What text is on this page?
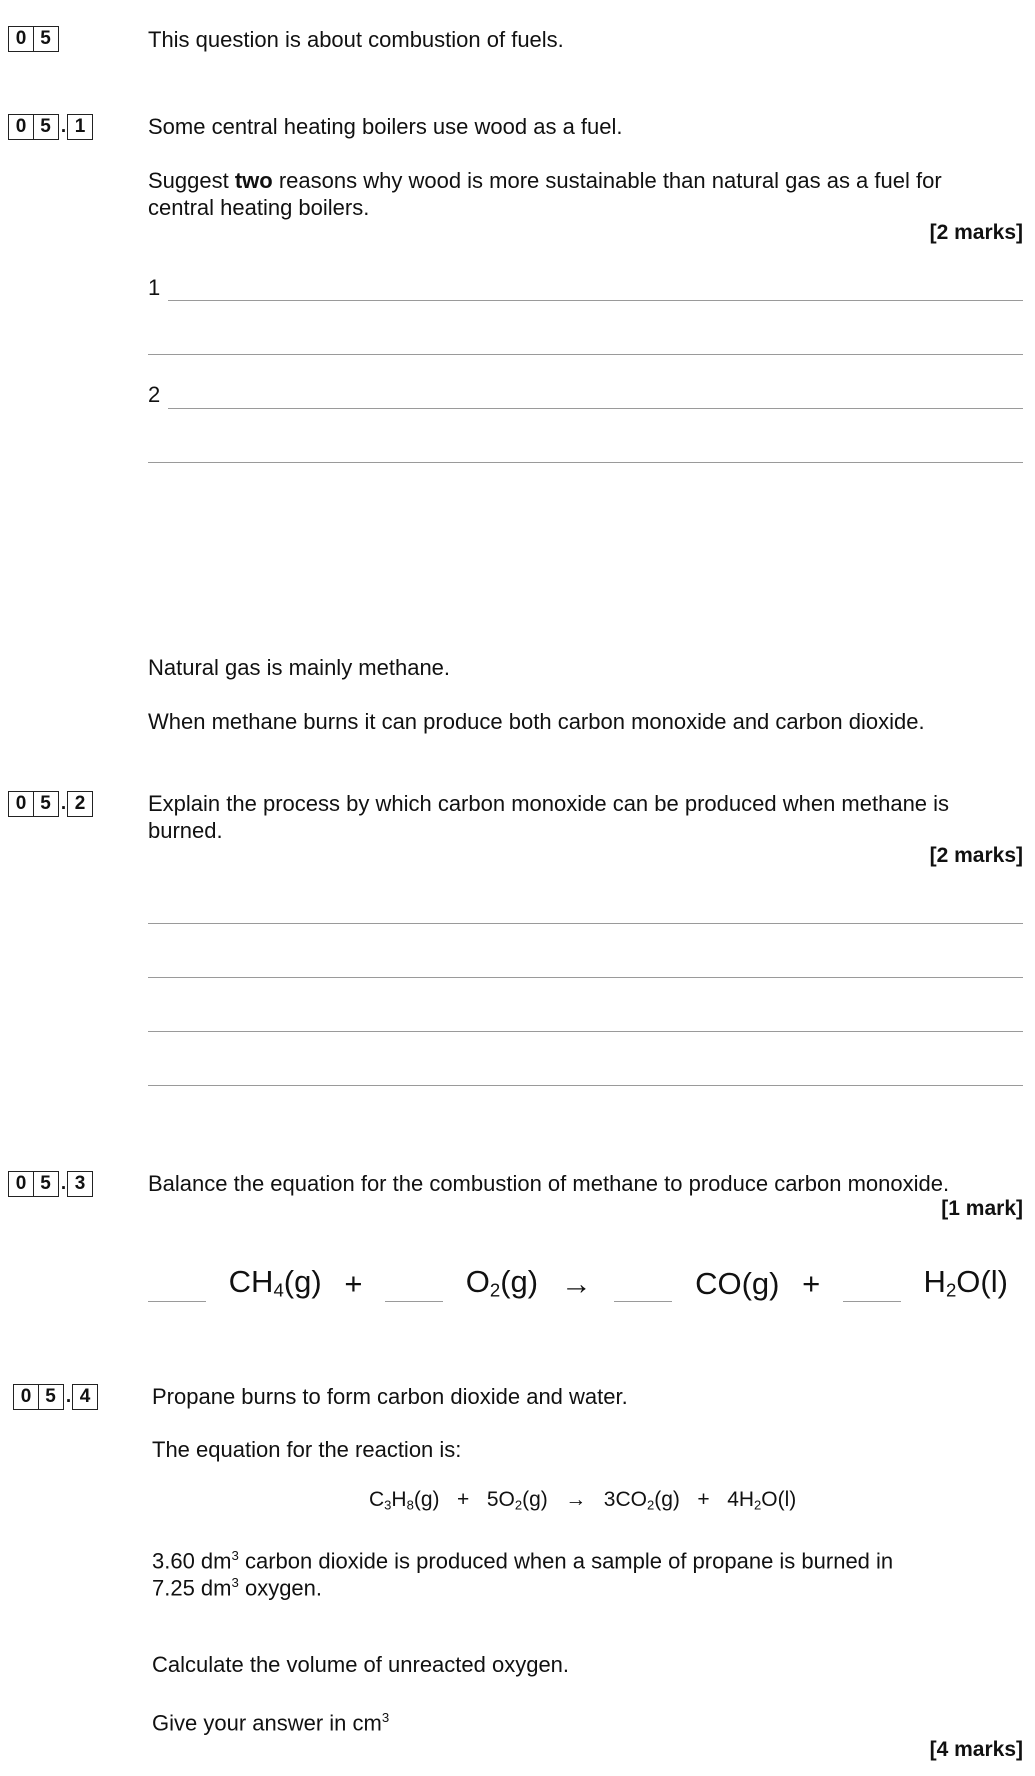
0 5	This question is about combustion of fuels.
0 5 . 1	Some central heating boilers use wood as a fuel.
Suggest two reasons why wood is more sustainable than natural gas as a fuel for
central heating boilers.
[2 marks]
1
2
Natural gas is mainly methane.
When methane burns it can produce both carbon monoxide and carbon dioxide.
0 5 . 2	Explain the process by which carbon monoxide can be produced when methane is
burned.
[2 marks]
0 5 . 3	Balance the equation for the combustion of methane to produce carbon monoxide.
[1 mark]
$CH_4(g)$ +	$O_2(g)$ →	CO(g) +	$H_2O(l)$
0 5 . 4	Propane burns to form carbon dioxide and water.
The equation for the reaction is:
$C_3H_8(g) + 5O_2(g) \to 3CO_2(g) + 4H_2O(l)$
3.60 $dm^3$ carbon dioxide is produced when a sample of propane is burned in
7.25 $dm^3$ oxygen.
Calculate the volume of unreacted oxygen.
Give your answer in $cm^3$
[4 marks]
